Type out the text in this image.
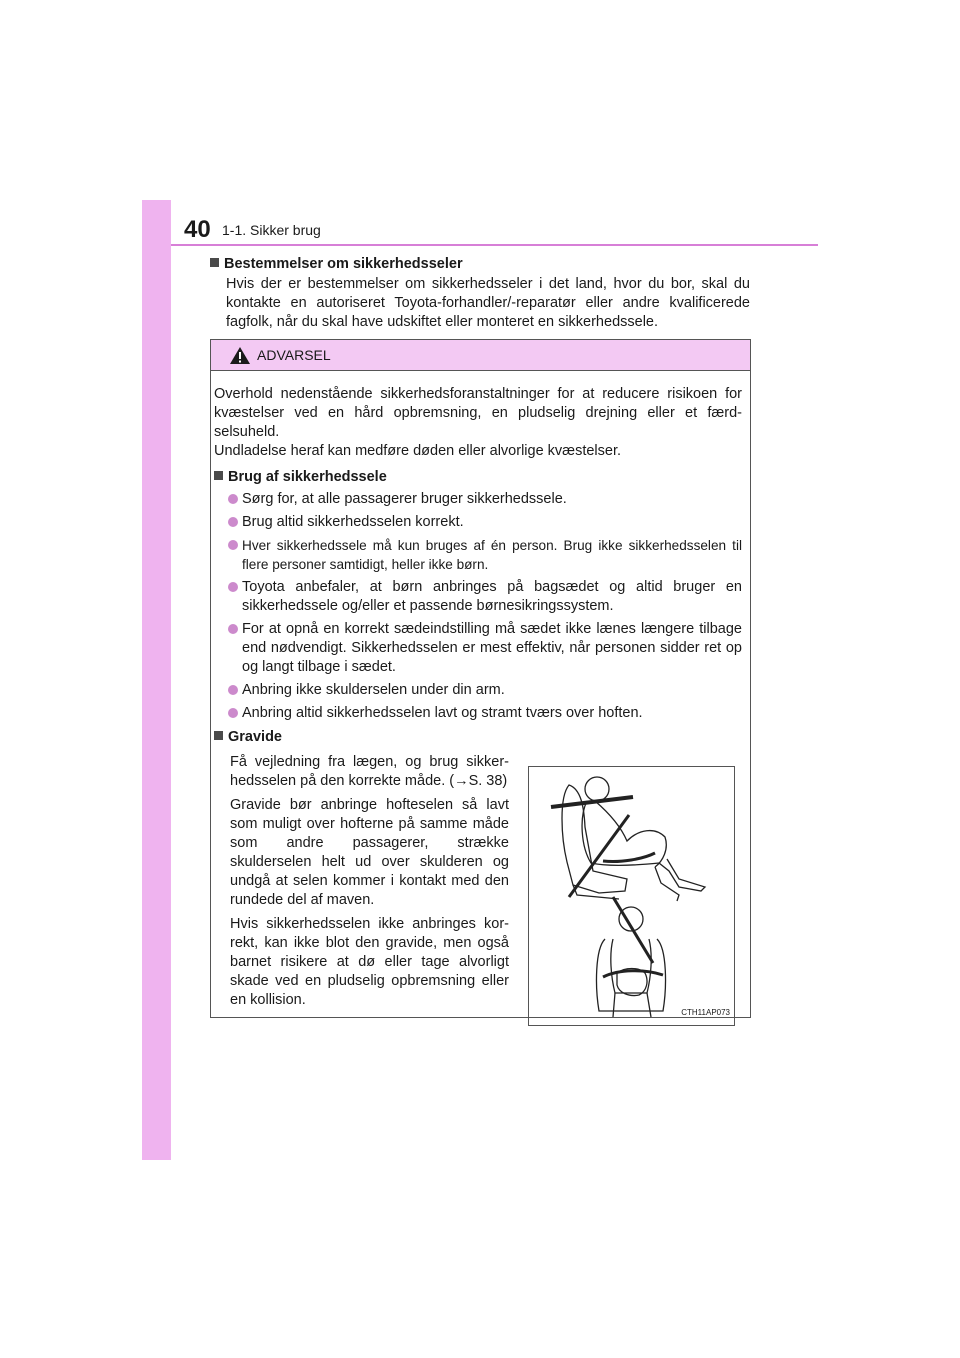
40 1-1. Sikker brug
Bestemmelser om sikkerhedsseler
Hvis der er bestemmelser om sikkerhedsseler i det land, hvor du bor, skal du kontakte en autoriseret Toyota-forhandler/-reparatør eller andre kvalificerede fagfolk, når du skal have udskiftet eller monteret en sikkerhedssele.
ADVARSEL

Overhold nedenstående sikkerhedsforanstaltninger for at reducere risikoen for kvæstelser ved en hård opbremsning, en pludselig drejning eller et færd-selsuheld.

Undladelse heraf kan medføre døden eller alvorlige kvæstelser.

Brug af sikkerhedssele
Sørg for, at alle passagerer bruger sikkerhedssele.
Brug altid sikkerhedsselen korrekt.
Hver sikkerhedssele må kun bruges af én person. Brug ikke sikkerhedsselen til flere personer samtidigt, heller ikke børn.
Toyota anbefaler, at børn anbringes på bagsædet og altid bruger en sikkerhedssele og/eller et passende børnesikringssystem.
For at opnå en korrekt sædeindstilling må sædet ikke lænes længere tilbage end nødvendigt. Sikkerhedsselen er mest effektiv, når personen sidder ret op og langt tilbage i sædet.
Anbring ikke skulderselen under din arm.
Anbring altid sikkerhedsselen lavt og stramt tværs over hoften.
Gravide

Få vejledning fra lægen, og brug sikker-hedsselen på den korrekte måde. (→S. 38)

Gravide bør anbringe hofteselen så lavt som muligt over hofterne på samme måde som andre passagerer, strække skulderselen helt ud over skulderen og undgå at selen kommer i kontakt med den rundede del af maven.

Hvis sikkerhedsselen ikke anbringes kor-rekt, kan ikke blot den gravide, men også barnet risikere at dø eller tage alvorligt skade ved en pludselig opbremsning eller en kollision.

CTH11AP073
